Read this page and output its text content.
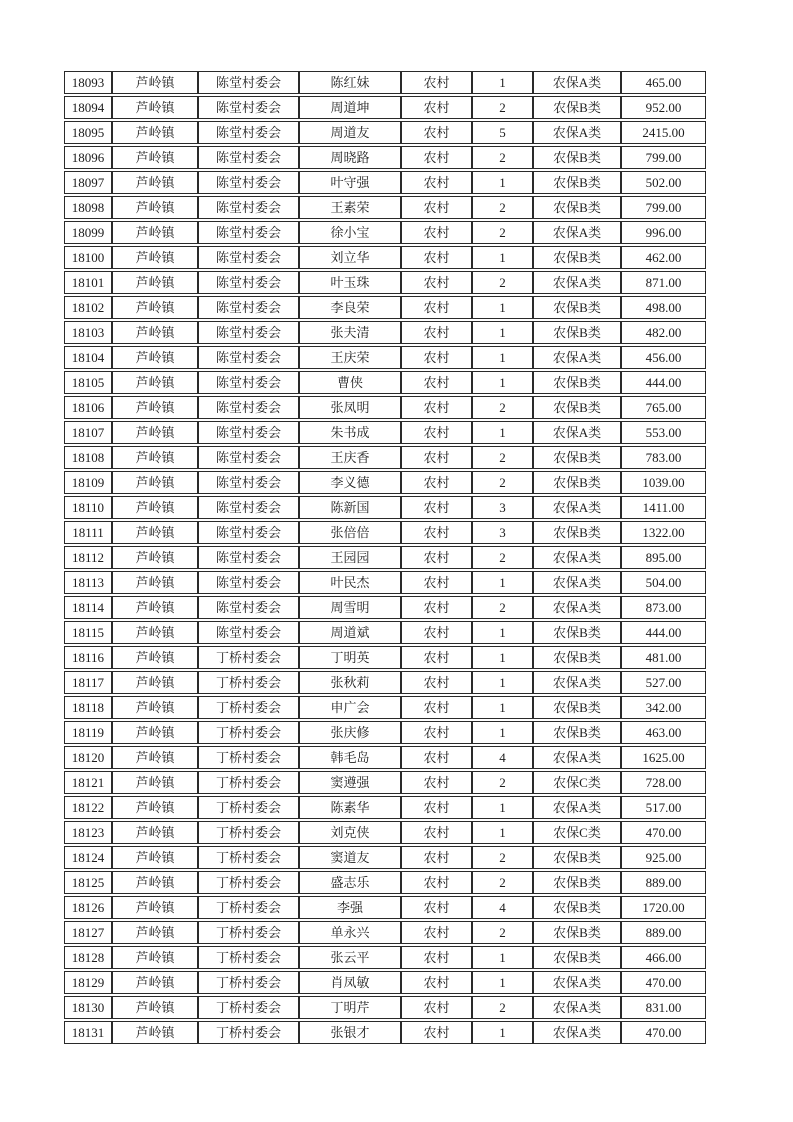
18093	芦岭镇	陈堂村委会	陈红妹	农村	1	农保A类	465.00
18094	芦岭镇	陈堂村委会	周道坤	农村	2	农保B类	952.00
18095	芦岭镇	陈堂村委会	周道友	农村	5	农保A类	2415.00
18096	芦岭镇	陈堂村委会	周晓路	农村	2	农保B类	799.00
18097	芦岭镇	陈堂村委会	叶守强	农村	1	农保B类	502.00
18098	芦岭镇	陈堂村委会	王素荣	农村	2	农保B类	799.00
18099	芦岭镇	陈堂村委会	徐小宝	农村	2	农保A类	996.00
18100	芦岭镇	陈堂村委会	刘立华	农村	1	农保B类	462.00
18101	芦岭镇	陈堂村委会	叶玉珠	农村	2	农保A类	871.00
18102	芦岭镇	陈堂村委会	李良荣	农村	1	农保B类	498.00
18103	芦岭镇	陈堂村委会	张夫清	农村	1	农保B类	482.00
18104	芦岭镇	陈堂村委会	王庆荣	农村	1	农保A类	456.00
18105	芦岭镇	陈堂村委会	曹侠	农村	1	农保B类	444.00
18106	芦岭镇	陈堂村委会	张凤明	农村	2	农保B类	765.00
18107	芦岭镇	陈堂村委会	朱书成	农村	1	农保A类	553.00
18108	芦岭镇	陈堂村委会	王庆香	农村	2	农保B类	783.00
18109	芦岭镇	陈堂村委会	李义德	农村	2	农保B类	1039.00
18110	芦岭镇	陈堂村委会	陈新国	农村	3	农保A类	1411.00
18111	芦岭镇	陈堂村委会	张倍倍	农村	3	农保B类	1322.00
18112	芦岭镇	陈堂村委会	王园园	农村	2	农保A类	895.00
18113	芦岭镇	陈堂村委会	叶民杰	农村	1	农保A类	504.00
18114	芦岭镇	陈堂村委会	周雪明	农村	2	农保A类	873.00
18115	芦岭镇	陈堂村委会	周道斌	农村	1	农保B类	444.00
18116	芦岭镇	丁桥村委会	丁明英	农村	1	农保B类	481.00
18117	芦岭镇	丁桥村委会	张秋莉	农村	1	农保A类	527.00
18118	芦岭镇	丁桥村委会	申广会	农村	1	农保B类	342.00
18119	芦岭镇	丁桥村委会	张庆修	农村	1	农保B类	463.00
18120	芦岭镇	丁桥村委会	韩毛岛	农村	4	农保A类	1625.00
18121	芦岭镇	丁桥村委会	窦遵强	农村	2	农保C类	728.00
18122	芦岭镇	丁桥村委会	陈素华	农村	1	农保A类	517.00
18123	芦岭镇	丁桥村委会	刘克侠	农村	1	农保C类	470.00
18124	芦岭镇	丁桥村委会	窦道友	农村	2	农保B类	925.00
18125	芦岭镇	丁桥村委会	盛志乐	农村	2	农保B类	889.00
18126	芦岭镇	丁桥村委会	李强	农村	4	农保B类	1720.00
18127	芦岭镇	丁桥村委会	单永兴	农村	2	农保B类	889.00
18128	芦岭镇	丁桥村委会	张云平	农村	1	农保B类	466.00
18129	芦岭镇	丁桥村委会	肖凤敏	农村	1	农保A类	470.00
18130	芦岭镇	丁桥村委会	丁明芹	农村	2	农保A类	831.00
18131	芦岭镇	丁桥村委会	张银才	农村	1	农保A类	470.00
